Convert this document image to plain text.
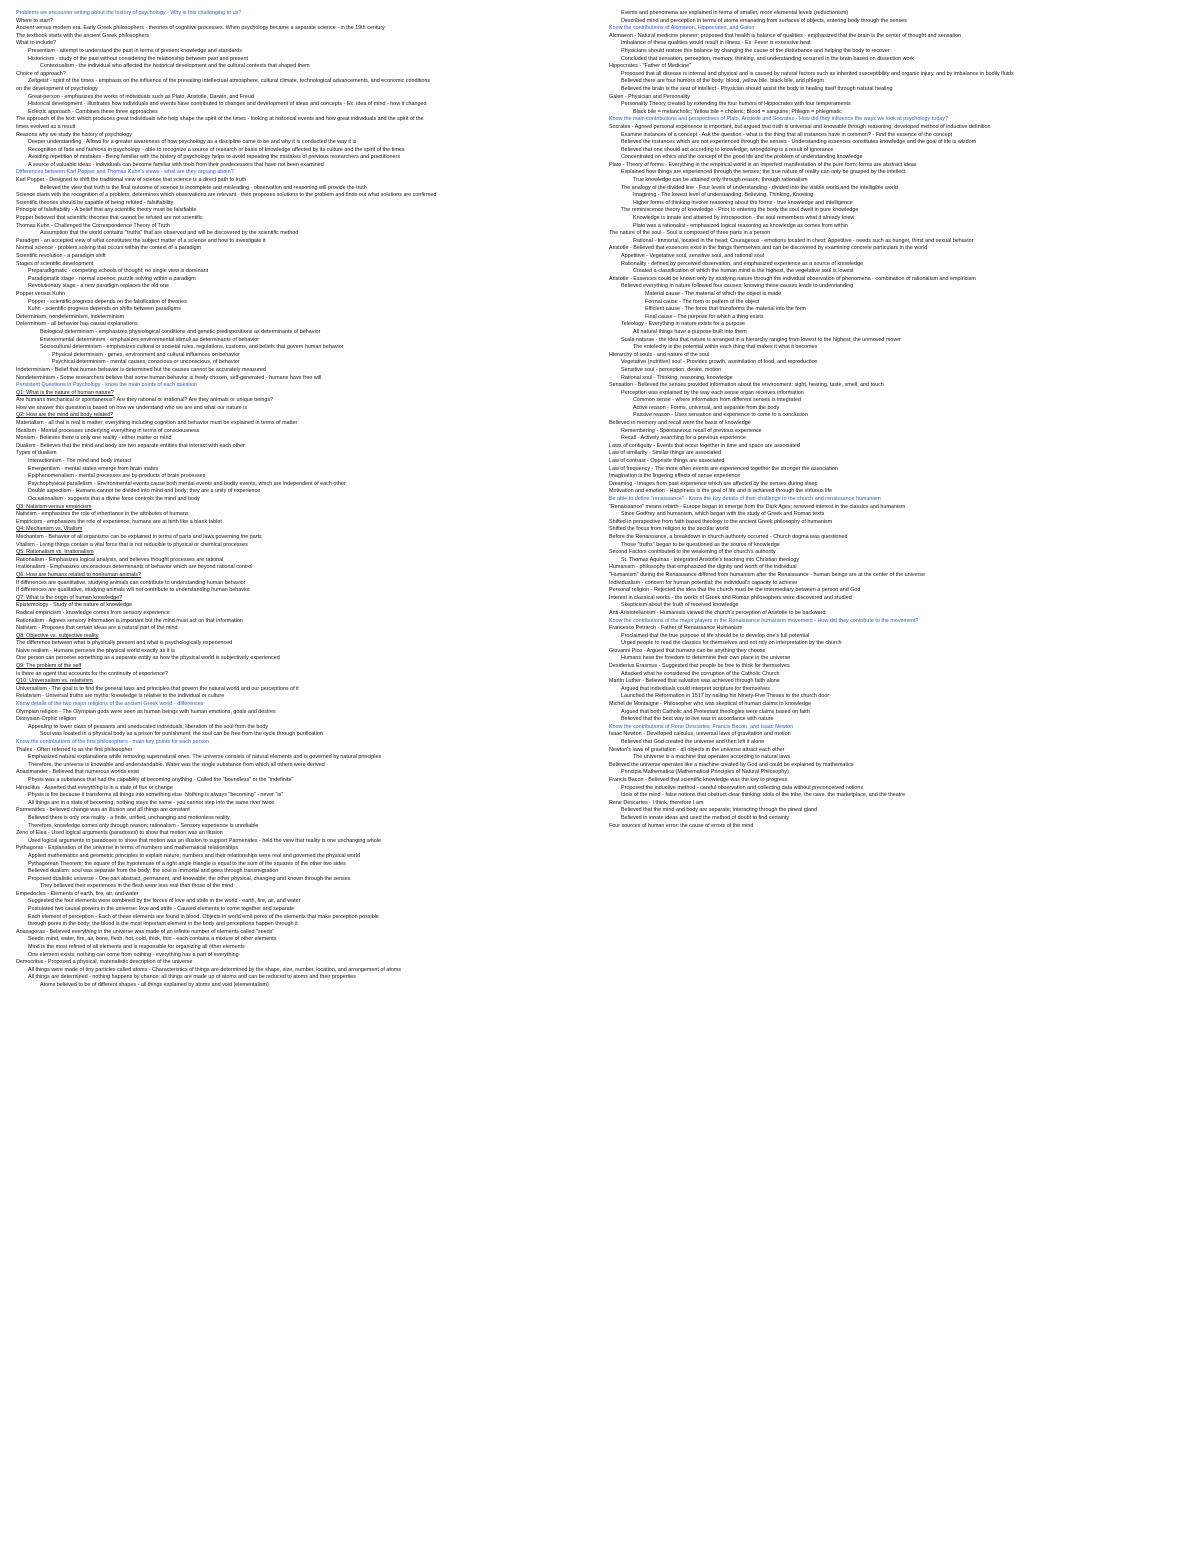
Problems we encounter writing about the history of psychology - Why is this challenging to us?
Where to start?
Ancient versus modern era. Early Greek philosophers - theories of cognitive processes. When psychology became a separate science - in the 19th century
The textbook starts with the ancient Greek philosophers
What to include?
Presentism - attempt to understand the past in terms of present knowledge and standards
Historicism - study of the past without considering the relationship between past and present
Contextualism - the individual who affected the historical development and the cultural contexts that shaped them
Choice of approach?
Zeitgeist - spirit of the times - emphasis on the influence of the prevailing intellectual atmosphere, cultural climate, technological advancements, and economic conditions
on the development of psychology
Great-person - emphasizes the works of individuals such as Plato, Aristotle, Darwin, and Freud
Historical development - illustrates how individuals and events have contributed to changes and development of ideas and concepts - Ex: idea of mind - how it changed
Eclectic approach - Combines these three approaches
The approach of the text: which produces great individuals who help shape the spirit of the times - looking at historical events and how great individuals and the spirit of the
times evolved as a result
Reasons why we study the history of psychology
Deeper understanding - Allows for a greater awareness of how psychology as a discipline came to be and why it is conducted the way it is
Recognition of fads and fashions in psychology - able to recognize a source of research or basis of knowledge affected by its culture and the spirit of the times
Avoiding repetition of mistakes - Being familiar with the history of psychology helps to avoid repeating the mistakes of previous researchers and practitioners
A source of valuable ideas - individuals can become familiar with tools from their predecessors that have not been examined
Differences between Karl Popper and Thomas Kuhn's views - what are they arguing about?
Karl Popper - Designed to shift the traditional view of science that science is a direct path to truth
Believed the view that truth is the final outcome of science is incomplete and misleading - observation and reasoning will provide the truth
Science starts with the recognition of a problem, determines which observations are relevant - then proposes solutions to the problem and finds out what solutions are confirmed
Scientific theories should be capable of being refuted - falsifiability
Principle of falsifiability - A belief that any scientific theory must be falsifiable
Popper believed that scientific theories that cannot be refuted are not scientific
Thomas Kuhn - Challenged the Correspondence Theory of Truth
Assumption that the world contains "truths" that are observed and will be discovered by the scientific method
Paradigm - an accepted view of what constitutes the subject matter of a science and how to investigate it
Normal science - problem solving that occurs within the context of a paradigm
Scientific revolution - a paradigm shift
Stages of scientific development
Preparadigmatic - competing schools of thought; no single view is dominant
Paradigmatic stage - normal science; puzzle solving within a paradigm
Revolutionary stage - a new paradigm replaces the old one
Popper versus Kuhn
Popper - scientific progress depends on the falsification of theories
Kuhn - scientific progress depends on shifts between paradigms
Determinism, nondeterminism, indeterminism
Determinism - all behavior has causal explanations
Biological determinism - emphasizes physiological conditions and genetic predispositions as determinants of behavior
Environmental determinism - emphasizes environmental stimuli as determinants of behavior
Sociocultural determinism - emphasizes cultural or societal rules, regulations, customs, and beliefs that govern human behavior
Physical determinism - genes, environment and cultural influences on behavior
Psychical determinism - mental causes, conscious or unconscious, of behavior
Indeterminism - Belief that human behavior is determined but the causes cannot be accurately measured
Nondeterminism - Some researchers believe that some human behavior is freely chosen, self-generated - humans have free will
Persistent Questions in Psychology - know the main points of each question
Q1: What is the nature of human nature?
Are humans mechanical or spontaneous? Are they rational or irrational? Are they animals or unique beings?
How we answer this question is based on how we understand who we are and what our nature is
Q2: How are the mind and body related?
Materialism - all that is real is matter; everything including cognition and behavior must be explained in terms of matter
Idealism - Mental processes underlying everything in terms of consciousness
Monism - Believes there is only one reality - either matter or mind
Dualism - Believes that the mind and body are two separate entities that interact with each other
Types of dualism
Interactionism - The mind and body interact
Emergentism - mental states emerge from brain states
Epiphenomenalism - mental processes are by-products of brain processes
Psychophysical parallelism - Environmental events cause both mental events and bodily events, which are independent of each other
Double aspectism - Humans cannot be divided into mind and body; they are a unity of experience
Occasionalism - suggests that a divine force controls the mind and body
Q3: Nativism versus empiricism
Nativism - emphasizes the role of inheritance in the attributes of humans
Empiricism - emphasizes the role of experience; humans are at birth like a blank tablet
Q4: Mechanism vs. Vitalism
Mechanism - Behavior of all organisms can be explained in terms of parts and laws governing the parts
Vitalism - Living things contain a vital force that is not reducible to physical or chemical processes
Q5: Rationalism vs. Irrationalism
Rationalism - Emphasizes logical analysis, and believes thought processes are rational
Irrationalism - Emphasizes unconscious determinants of behavior which are beyond rational control
Q6: How are humans related to nonhuman animals?
If differences are quantitative, studying animals can contribute to understanding human behavior
If differences are qualitative, studying animals will not contribute to understanding human behavior
Q7: What is the origin of human knowledge?
Epistemology - Study of the nature of knowledge
Radical empiricism - knowledge comes from sensory experience
Rationalism - Agrees sensory information is important but the mind must act on that information
Nativism - Proposes that certain ideas are a natural part of the mind
Q8: Objective vs. subjective reality
The difference between what is physically present and what is psychologically experienced
Naive realism - Humans perceive the physical world exactly as it is
One person can perceive something as a separate entity as how the physical world is subjectively experienced
Q9: The problem of the self
Is there an agent that accounts for the continuity of experience?
Q10: Universalism vs. relativism
Universalism - The goal is to find the general laws and principles that govern the natural world and our perceptions of it
Relativism - Universal truths are myths; knowledge is relative to the individual or culture
Know details of the two major religions of the ancient Greek world - differences
Olympian religion - The Olympian gods were seen as human beings with human emotions, goals and desires
Dionysian-Orphic religion
Appealing to lower class of peasants and uneducated individuals; liberation of the soul from the body
Soul was located in a physical body as a prison for punishment; the soul can be free from the cycle through purification
Know the contributions of the first philosophers - main key points for each person
Thales - Often referred to as the first philosopher
Emphasized natural explanations while removing supernatural ones. The universe consists of natural elements and is governed by natural principles
Therefore, the universe is knowable and understandable. Water was the single substance from which all others were derived
Anaximander - Believed that numerous worlds exist
Physis was a substance that had the capability of becoming anything - Called the "boundless" or the "indefinite"
Heraclitus - Asserted that everything is in a state of flux or change
Physis is fire because it transforms all things into something else. Nothing is always "becoming" - never "is"
All things are in a state of becoming; nothing stays the same - you cannot step into the same river twice
Parmenides - believed change was an illusion and all things are constant
Believed there is only one reality - a finite, unified, unchanging and motionless reality
Therefore, knowledge comes only through reason; rationalism - Sensory experience is unreliable
Zeno of Elea - Used logical arguments (paradoxes) to show that motion was an illusion
Used logical arguments to paradoxes to show that motion was an illusion to support Parmenides - held the view that reality is one unchanging whole
Pythagoras - Explanation of the universe in terms of numbers and mathematical relationships
Applied mathematics and geometric principles to explain nature; numbers and their relationships were real and governed the physical world
Pythagorean Theorem: the square of the hypotenuse of a right angle triangle is equal to the sum of the squares of the other two sides
Believed dualism: soul was separate from the body; the soul is immortal and goes through transmigration
Proposed dualistic universe - One part abstract, permanent, and knowable; the other physical, changing and known through the senses
They believed their experiences in the flesh were less real than those of the mind
Empedocles - Elements of earth, fire, air, and water
Suggested the four elements were combined by the forces of love and strife in the world - earth, fire, air, and water
Postulated two causal powers in the universe: love and strife - Caused elements to come together and separate
Each element of perception - Each of these elements are found in blood. Objects in world emit pores of the elements that make perception possible
through pores in the body; the blood is the most important element in the body and perceptions happen through it
Anaxagoras - Believed everything in the universe was made of an infinite number of elements called "seeds"
Seeds: mind, water, fire, air, bone, flesh, hot, cold, thick, thin - each contains a mixture of other elements
Mind is the most refined of all elements and is responsible for organizing all other elements
One element exists; nothing can come from nothing - everything has a part of everything
Democritus - Proposed a physical, materialistic description of the universe
All things were made of tiny particles called atoms - Characteristics of things are determined by the shape, size, number, location, and arrangement of atoms
All things are determined - nothing happens by chance; all things are made up of atoms and can be reduced to atoms and their properties
Atoms believed to be of different shapes - all things explained by atoms and void (elementalism)
Events and phenomena are explained in terms of smaller, more elemental levels (reductionism)
Described mind and perception in terms of atoms emanating from surfaces of objects, entering body through the senses
Know the contributions of Alcmaeon, Hippocrates, and Galen
Alcmaeon - Natural medicine pioneer; proposed that health is balance of qualities - emphasized that the brain is the center of thought and sensation
Imbalance of these qualities would result in illness - Ex: Fever is excessive heat
Physicians should restore this balance by changing the cause of the disturbance and helping the body to recover
Concluded that sensation, perception, memory, thinking, and understanding occurred in the brain based on dissection work
Hippocrates - "Father of Medicine"
Proposed that all disease is internal and physical and is caused by natural factors such as inherited susceptibility and organic injury, and by imbalance in bodily fluids
Believed there are four humors of the body: blood, yellow bile, black bile, and phlegm
Believed the brain is the seat of intellect - Physician should assist the body in healing itself through natural healing
Galen - Physician and Personality
Personality Theory created by extending the four humors of Hippocrates with four temperaments
Black bile = melancholic; Yellow bile = choleric; Blood = sanguine; Phlegm = phlegmatic
Know the main contributions and perspectives of Plato, Aristotle and Socrates - How did they influence the ways we look at psychology today?
Socrates - Agreed personal experience is important, but argued that truth is universal and knowable through reasoning; developed method of inductive definition
Examine instances of a concept - Ask the question - what is the thing that all instances have in common? - Find the essence of the concept
Believed the instances which are not experienced through the senses - Understanding essences constitutes knowledge and the goal of life is wisdom
Believed that one should act according to knowledge; wrongdoing is a result of ignorance
Concentrated on ethics and the concept of the good life and the problem of understanding knowledge
Plato - Theory of forms - Everything in the empirical world is an imperfect manifestation of the pure form; forms are abstract ideas
Explained how things are experienced through the senses; the true nature of reality can only be grasped by the intellect
True knowledge can be attained only through reason; through rationalism
The analogy of the divided line - Four levels of understanding - divided into the visible world and the intelligible world
Imagining - The lowest level of understanding; Believing, Thinking, Knowing
Higher forms of thinking involve reasoning about the forms - true knowledge and intelligence
The reminiscence theory of knowledge - Prior to entering the body the soul dwelt in pure knowledge
Knowledge is innate and attained by introspection - the soul remembers what it already knew
Plato was a rationalist - emphasized logical reasoning as knowledge as comes from within
The nature of the soul - Soul is composed of three parts in a person
Rational - Immortal, located in the head; Courageous - emotions located in chest; Appetitive - needs such as hunger, thirst and sexual behavior
Aristotle - Believed that essences exist in the things themselves and can be discovered by examining concrete particulars in the world
Appetitive - Vegetative soul, sensitive soul, and rational soul
Rationality - defined by perceived observation, and emphasized experience as a source of knowledge
Created a classification of which the human mind is the highest, the vegetative soul is lowest
Aristotle - Essences could be known only by studying nature through the individual observation of phenomena - combination of rationalism and empiricism
Believed everything in nature followed four causes; knowing these causes leads to understanding
Material cause - The material of which the object is made
Formal cause - The form or pattern of the object
Efficient cause - The force that transforms the material into the form
Final cause - The purpose for which a thing exists
Teleology - Everything in nature exists for a purpose
All natural things have a purpose built into them
Scala naturae - the idea that nature is arranged in a hierarchy ranging from lowest to the highest; the unmoved mover
The entelechy is the potential within each thing that makes it what it becomes
Hierarchy of souls - and nature of the soul
Vegetative (nutritive) soul - Provides growth, assimilation of food, and reproduction
Sensitive soul - perception, desire, motion
Rational soul - Thinking, reasoning, knowledge
Sensation - Believed the senses provided information about the environment: sight, hearing, taste, smell, and touch
Perception was explained by the way each sense organ receives information
Common sense - where information from different senses is integrated
Active reason - Forms, universal, and separate from the body
Passive reason - Uses sensation and experience to come to a conclusion
Believed in memory and recall were the basis of knowledge
Remembering - Spontaneous recall of previous experience
Recall - Actively searching for a previous experience
Laws of contiguity - Events that occur together in time and space are associated
Law of similarity - Similar things are associated
Law of contrast - Opposite things are associated
Law of frequency - The more often events are experienced together the stronger the association
Imagination is the lingering effects of sense experience
Dreaming - Images from past experience which are affected by the senses during sleep
Motivation and emotion - Happiness is the goal of life and is achieved through the virtuous life
Be able to define "renaissance" - Know the key details of their challenge to the church and renaissance humanism
"Renaissance" means rebirth - Europe began to emerge from the Dark Ages; renewed interest in the classics and humanism
Since Godfrey and humanism, which began with the study of Greek and Roman texts
Shifted in perspective from faith based theology to the ancient Greek philosophy of humanism
Shifted the focus from religion to the secular world
Before the Renaissance, a breakdown in church authority occurred - Church dogma was questioned
Those "truths" began to be questioned as the source of knowledge
Second Factors contributed to the weakening of the church's authority
St. Thomas Aquinas - integrated Aristotle's teaching into Christian theology
Humanism - philosophy that emphasized the dignity and worth of the individual
"Humanism" during the Renaissance differed from humanism after the Renaissance - human beings are at the center of the universe
Individualism - concern for human potential; the individual's capacity to achieve
Personal religion - Rejected the idea that the church must be the intermediary between a person and God
Interest in classical works - the works of Greek and Roman philosophers were discovered and studied
Skepticism about the truth of received knowledge
Anti-Aristotelianism - Humanists viewed the church's perception of Aristotle to be backward
Know the contributions of the major players in the Renaissance humanism movement - How did they contribute to the movement?
Francesco Petrarch - Father of Renaissance Humanism
Proclaimed that the true purpose of life should be to develop one's full potential
Urged people to read the classics for themselves and not rely on interpretation by the church
Giovanni Pico - Argued that humans can be anything they choose
Humans have the freedom to determine their own place in the universe
Desiderius Erasmus - Suggested that people be free to think for themselves
Attacked what he considered the corruption of the Catholic Church
Martin Luther - Believed that salvation was achieved through faith alone
Argued that individuals could interpret scripture for themselves
Launched the Reformation in 1517 by nailing his Ninety-Five Theses to the church door
Michel de Montaigne - Philosopher who was skeptical of human claims to knowledge
Argued that both Catholic and Protestant theologies were claims based on faith
Believed that the best way to live was in accordance with nature
Know the contributions of Rene Descartes, Francis Bacon, and Isaac Newton
Isaac Newton - Developed calculus, universal laws of gravitation and motion
Believed that God created the universe and then left it alone
Newton's laws of gravitation - all objects in the universe attract each other
The universe is a machine that operates according to natural laws
Believed the universe operates like a machine created by God and could be explained by mathematics
Principia Mathematica (Mathematical Principles of Natural Philosophy)
Francis Bacon - Believed that scientific knowledge was the key to progress
Proposed the inductive method - careful observation and collecting data without preconceived notions
Idols of the mind - false notions that obstruct clear thinking: idols of the tribe, the cave, the marketplace, and the theatre
Rene Descartes - I think, therefore I am
Believed that the mind and body are separate; interacting through the pineal gland
Believed in innate ideas and used the method of doubt to find certainty
Four sources of human error: the cause of errors of the mind
